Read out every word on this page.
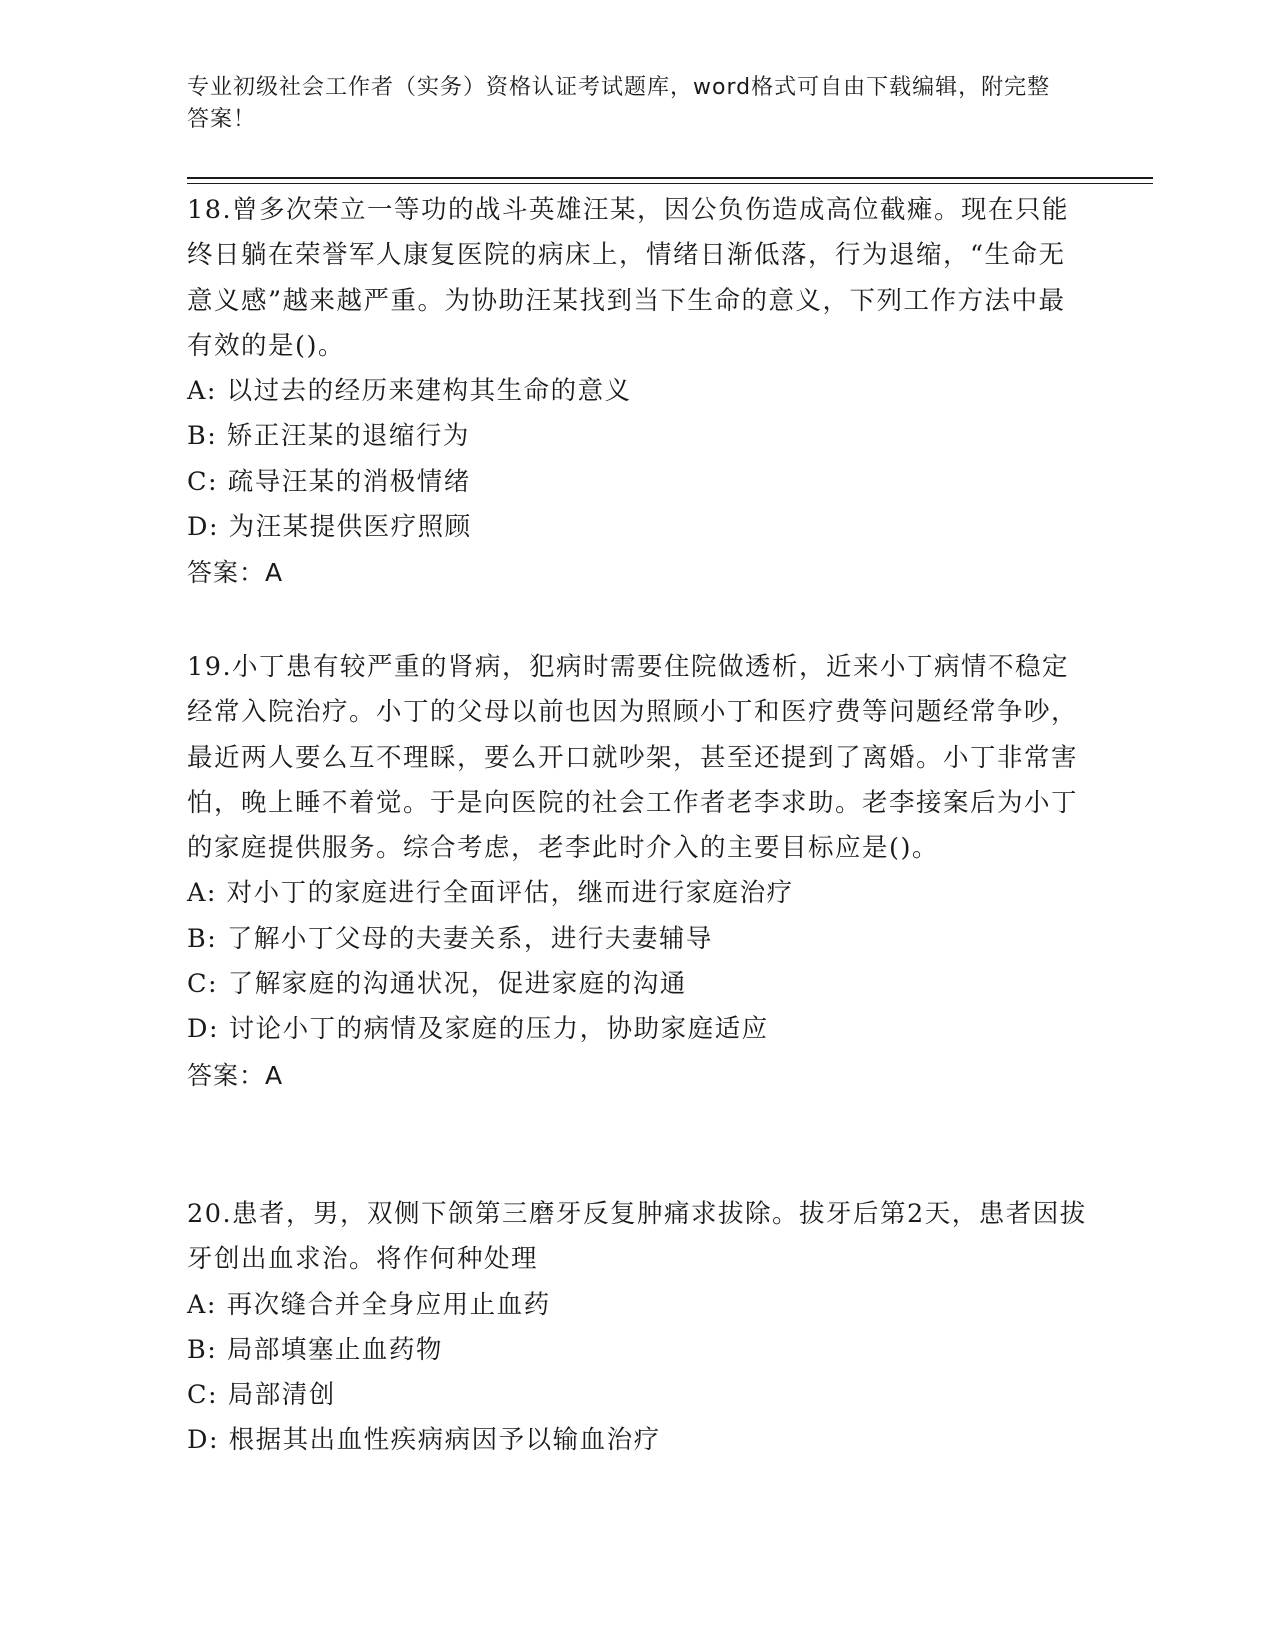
专业初级社会工作者（实务）资格认证考试题库，word格式可自由下载编辑，附完整答案！

18.曾多次荣立一等功的战斗英雄汪某，因公负伤造成高位截瘫。现在只能终日躺在荣誉军人康复医院的病床上，情绪日渐低落，行为退缩，“生命无意义感”越来越严重。为协助汪某找到当下生命的意义，下列工作方法中最有效的是()。

A: 以过去的经历来建构其生命的意义

B: 矫正汪某的退缩行为

C: 疏导汪某的消极情绪

D: 为汪某提供医疗照顾

答案：A

19.小丁患有较严重的肾病，犯病时需要住院做透析，近来小丁病情不稳定经常入院治疗。小丁的父母以前也因为照顾小丁和医疗费等问题经常争吵，最近两人要么互不理睬，要么开口就吵架，甚至还提到了离婚。小丁非常害怕，晚上睡不着觉。于是向医院的社会工作者老李求助。老李接案后为小丁的家庭提供服务。综合考虑，老李此时介入的主要目标应是()。

A: 对小丁的家庭进行全面评估，继而进行家庭治疗

B: 了解小丁父母的夫妻关系，进行夫妻辅导

C: 了解家庭的沟通状况，促进家庭的沟通

D: 讨论小丁的病情及家庭的压力，协助家庭适应

答案：A

20.患者，男，双侧下颌第三磨牙反复肿痛求拔除。拔牙后第2天，患者因拔牙创出血求治。将作何种处理

A: 再次缝合并全身应用止血药

B: 局部填塞止血药物

C: 局部清创

D: 根据其出血性疾病病因予以输血治疗
